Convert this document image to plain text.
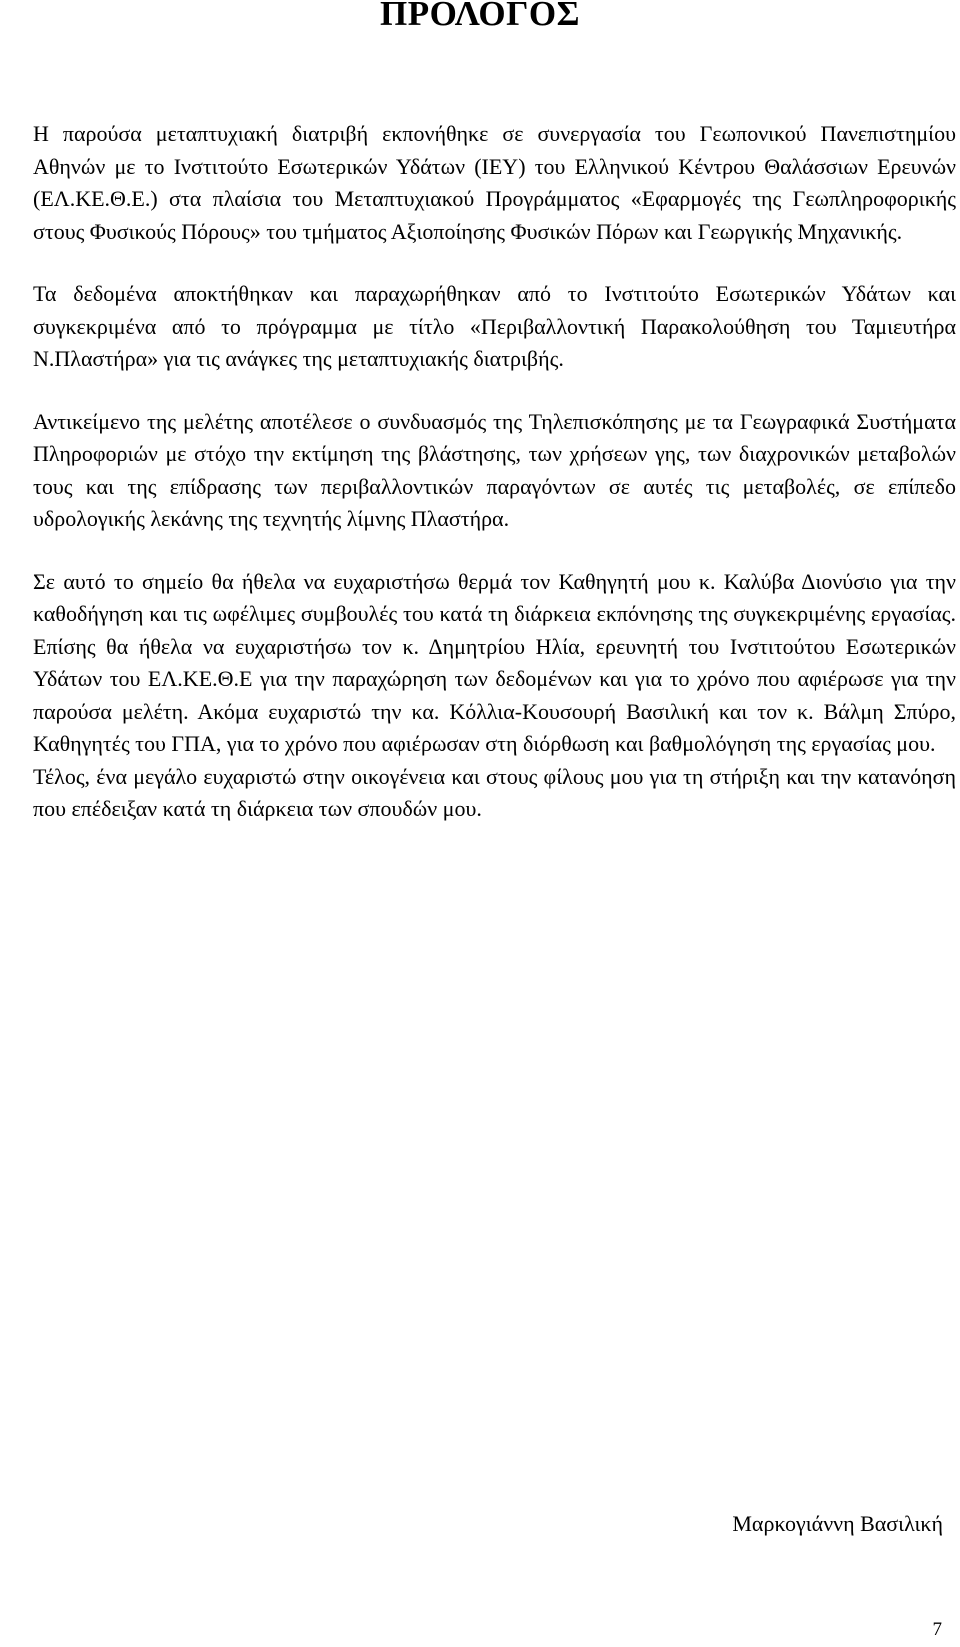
ΠΡΟΛΟΓΟΣ

Η παρούσα μεταπτυχιακή διατριβή εκπονήθηκε σε συνεργασία του Γεωπονικού Πανεπιστημίου Αθηνών με το Ινστιτούτο Εσωτερικών Υδάτων (ΙΕΥ) του Ελληνικού Κέντρου Θαλάσσιων Ερευνών (ΕΛ.ΚΕ.Θ.Ε.) στα πλαίσια του Μεταπτυχιακού Προγράμματος «Εφαρμογές της Γεωπληροφορικής στους Φυσικούς Πόρους» του τμήματος Αξιοποίησης Φυσικών Πόρων και Γεωργικής Μηχανικής.

Τα δεδομένα αποκτήθηκαν και παραχωρήθηκαν από το Ινστιτούτο Εσωτερικών Υδάτων και συγκεκριμένα από το πρόγραμμα με τίτλο «Περιβαλλοντική Παρακολούθηση του Ταμιευτήρα Ν.Πλαστήρα» για τις ανάγκες της μεταπτυχιακής διατριβής.

Αντικείμενο της μελέτης αποτέλεσε ο συνδυασμός της Τηλεπισκόπησης με τα Γεωγραφικά Συστήματα Πληροφοριών με στόχο την εκτίμηση της βλάστησης, των χρήσεων γης, των διαχρονικών μεταβολών τους και της επίδρασης των περιβαλλοντικών παραγόντων σε αυτές τις μεταβολές, σε επίπεδο υδρολογικής λεκάνης της τεχνητής λίμνης Πλαστήρα.

Σε αυτό το σημείο θα ήθελα να ευχαριστήσω θερμά τον Καθηγητή μου κ. Καλύβα Διονύσιο για την καθοδήγηση και τις ωφέλιμες συμβουλές του κατά τη διάρκεια εκπόνησης της συγκεκριμένης εργασίας. Επίσης θα ήθελα να ευχαριστήσω τον κ. Δημητρίου Ηλία, ερευνητή του Ινστιτούτου Εσωτερικών Υδάτων του ΕΛ.ΚΕ.Θ.Ε για την παραχώρηση των δεδομένων και για το χρόνο που αφιέρωσε για την παρούσα μελέτη. Ακόμα ευχαριστώ την κα. Κόλλια-Κουσουρή Βασιλική και τον κ. Βάλμη Σπύρο, Καθηγητές του ΓΠΑ, για το χρόνο που αφιέρωσαν στη διόρθωση και βαθμολόγηση της εργασίας μου.

Τέλος, ένα μεγάλο ευχαριστώ στην οικογένεια και στους φίλους μου για τη στήριξη και την κατανόηση που επέδειξαν κατά τη διάρκεια των σπουδών μου.

Μαρκογιάννη Βασιλική

7
